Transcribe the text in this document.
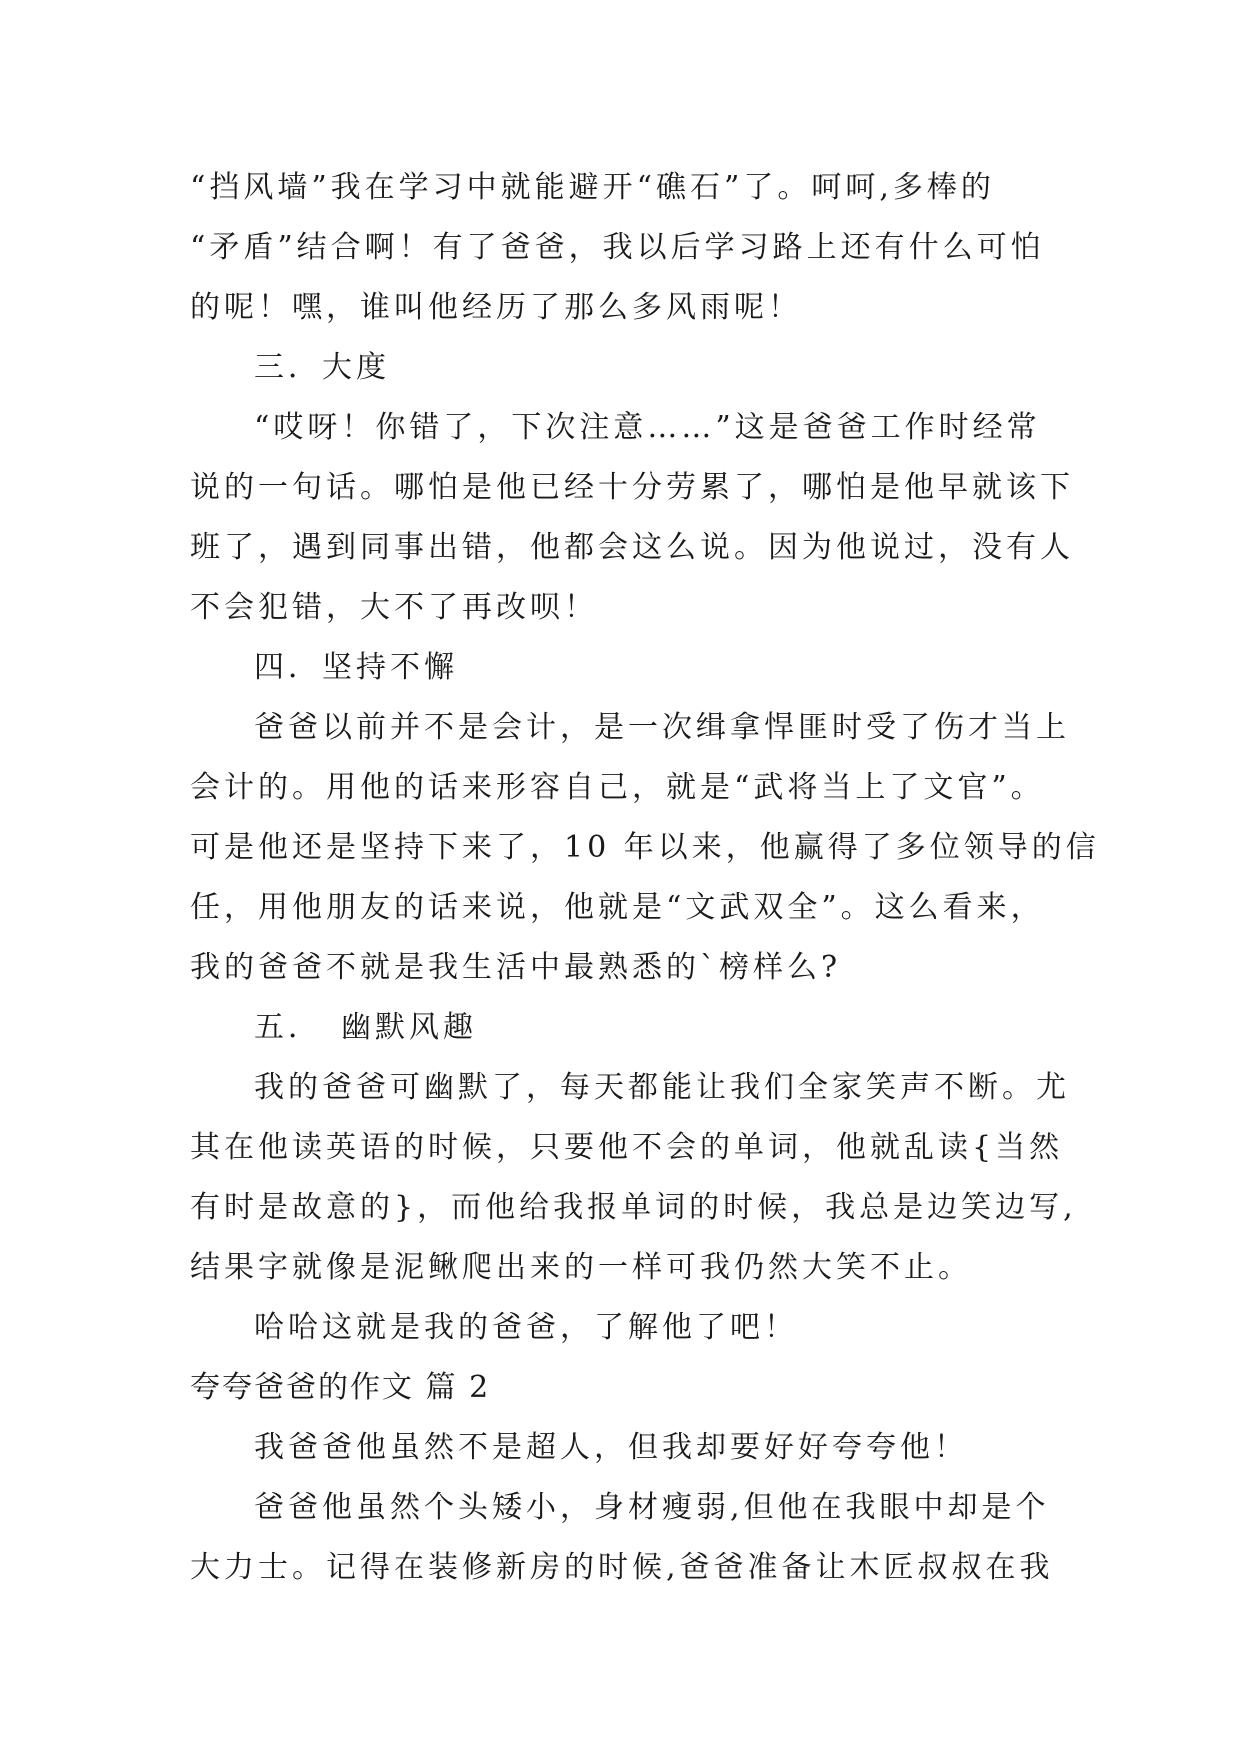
“挡风墙”我在学习中就能避开“礁石”了。呵呵,多棒的
“矛盾”结合啊！有了爸爸，我以后学习路上还有什么可怕
的呢！嘿，谁叫他经历了那么多风雨呢！
三．大度
“哎呀！你错了，下次注意……”这是爸爸工作时经常
说的一句话。哪怕是他已经十分劳累了，哪怕是他早就该下
班了，遇到同事出错，他都会这么说。因为他说过，没有人
不会犯错，大不了再改呗！
四．坚持不懈
爸爸以前并不是会计，是一次缉拿悍匪时受了伤才当上
会计的。用他的话来形容自己，就是“武将当上了文官”。
可是他还是坚持下来了，10 年以来，他赢得了多位领导的信
任，用他朋友的话来说，他就是“文武双全”。这么看来，
我的爸爸不就是我生活中最熟悉的`榜样么?
五．　幽默风趣
我的爸爸可幽默了，每天都能让我们全家笑声不断。尤
其在他读英语的时候，只要他不会的单词，他就乱读{当然
有时是故意的}，而他给我报单词的时候，我总是边笑边写,
结果字就像是泥鳅爬出来的一样可我仍然大笑不止。
哈哈这就是我的爸爸，了解他了吧！
夸夸爸爸的作文 篇 2
我爸爸他虽然不是超人，但我却要好好夸夸他！
爸爸他虽然个头矮小，身材瘦弱,但他在我眼中却是个
大力士。记得在装修新房的时候,爸爸准备让木匠叔叔在我
